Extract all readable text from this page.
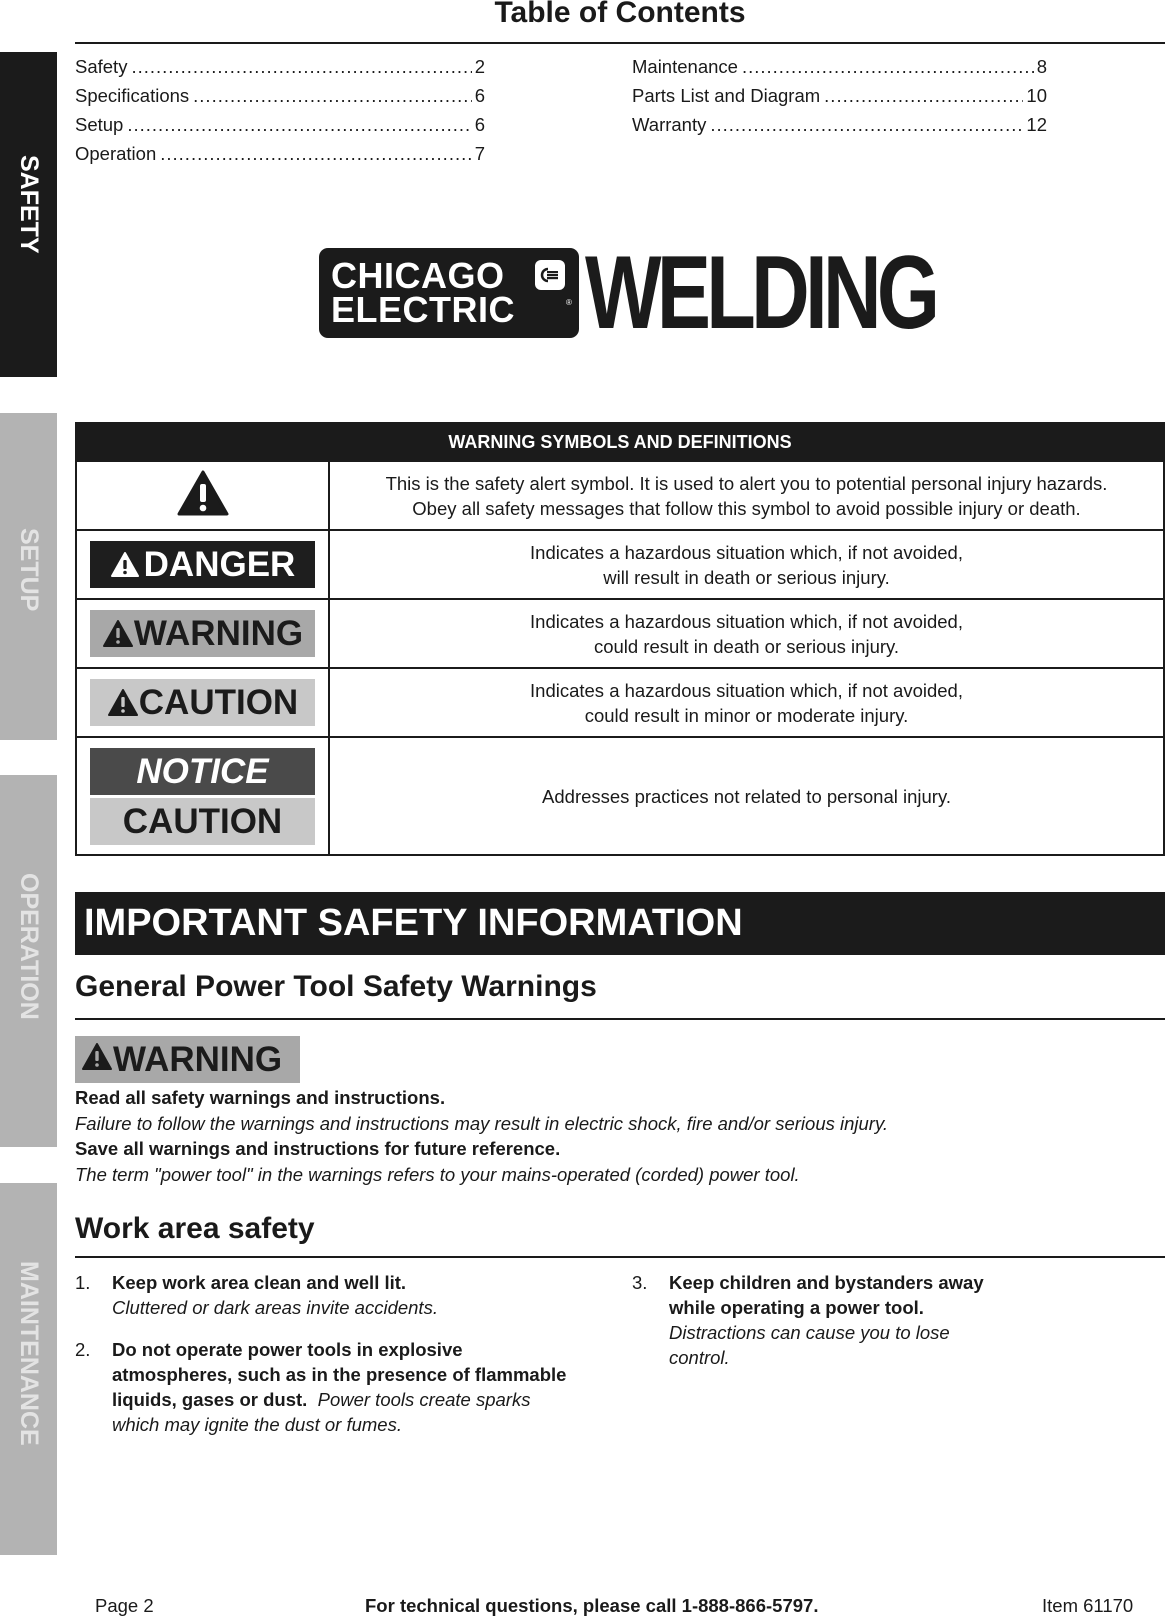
SAFETY
SETUP
OPERATION
MAINTENANCE
Table of Contents
Safety .....	2
Specifications .....	6
Setup .....	6
Operation .....	7
Maintenance .....	8
Parts List and Diagram .....	10
Warranty .....	12
CHICAGO
ELECTRIC	® WELDING
WARNING SYMBOLS AND DEFINITIONS	

This is the safety alert symbol. It is used to alert you to potential personal injury hazards.
Obey all safety messages that follow this symbol to avoid possible injury or death.

DANGER	Indicates a hazardous situation which, if not avoided,
will result in death or serious injury.

WARNING	Indicates a hazardous situation which, if not avoided,
could result in death or serious injury.

CAUTION	Indicates a hazardous situation which, if not avoided,
could result in minor or moderate injury.

NOTICE
CAUTION	Addresses practices not related to personal injury.
IMPORTANT SAFETY INFORMATION
General Power Tool Safety Warnings
WARNING
Read all safety warnings and instructions.
Failure to follow the warnings and instructions may result in electric shock, fire and/or serious injury.
Save all warnings and instructions for future reference.
The term "power tool" in the warnings refers to your mains-operated (corded) power tool.
Work area safety
1.	Keep work area clean and well lit.
Cluttered or dark areas invite accidents.
2.	Do not operate power tools in explosive atmospheres, such as in the presence of flammable liquids, gases or dust. Power tools create sparks which may ignite the dust or fumes.
3.	Keep children and bystanders away while operating a power tool.
Distractions can cause you to lose control.
Page 2	For technical questions, please call 1-888-866-5797.	Item 61170
